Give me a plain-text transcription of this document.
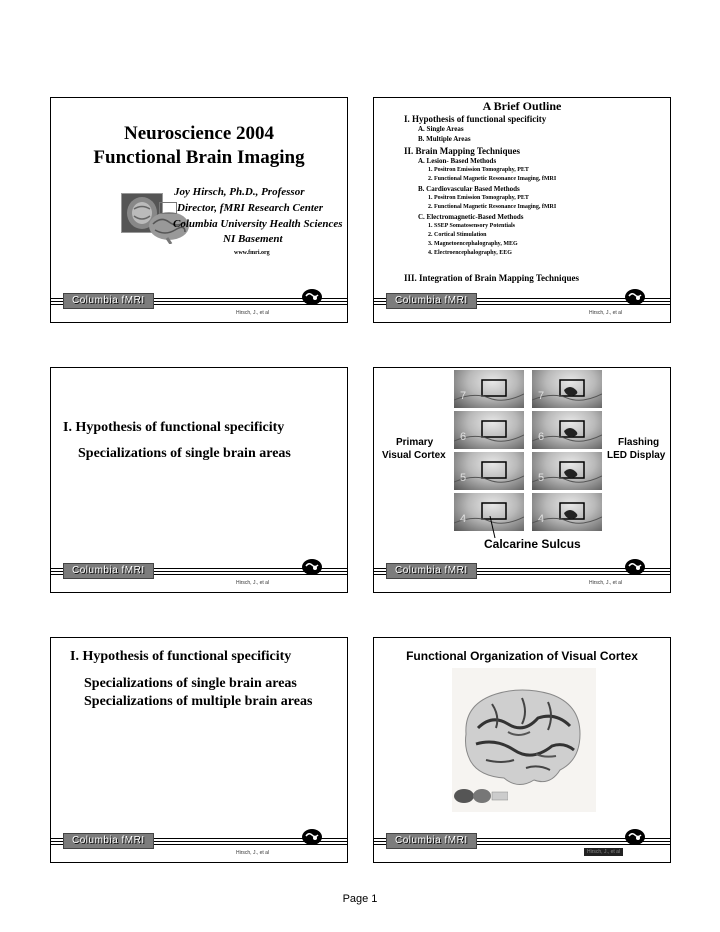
Neuroscience 2004
Functional Brain Imaging
Joy Hirsch, Ph.D., Professor
Director, fMRI Research Center
Columbia University Health Sciences
NI Basement
www.fmri.org
Columbia fMRI
Hirsch, J., et al
A Brief Outline
I. Hypothesis of functional specificity
A. Single Areas
B. Multiple Areas
II. Brain Mapping Techniques
A. Lesion- Based Methods
1. Positron Emission Tomography, PET
2. Functional Magnetic Resonance Imaging, fMRI
B. Cardiovascular Based Methods
1. Positron Emission Tomography, PET
2. Functional Magnetic Resonance Imaging, fMRI
C. Electromagnetic-Based Methods
1. SSEP Somatosensory Potentials
2. Cortical Stimulation
3. Magnetoencephalography, MEG
4. Electroencephalography, EEG
III. Integration of Brain Mapping Techniques
Columbia fMRI
Hirsch, J., et al
I. Hypothesis of functional specificity
Specializations of single brain areas
Columbia fMRI
Hirsch, J., et al
7	7
6	6
5	5
4	4
Primary
Visual Cortex
Flashing
LED Display
Calcarine Sulcus
Columbia fMRI
Hirsch, J., et al
I. Hypothesis of functional specificity
Specializations of single brain areas
Specializations of multiple brain areas
Columbia fMRI
Hirsch, J., et al
Functional Organization of Visual Cortex
Columbia fMRI
Hirsch, J., et al
Page 1
